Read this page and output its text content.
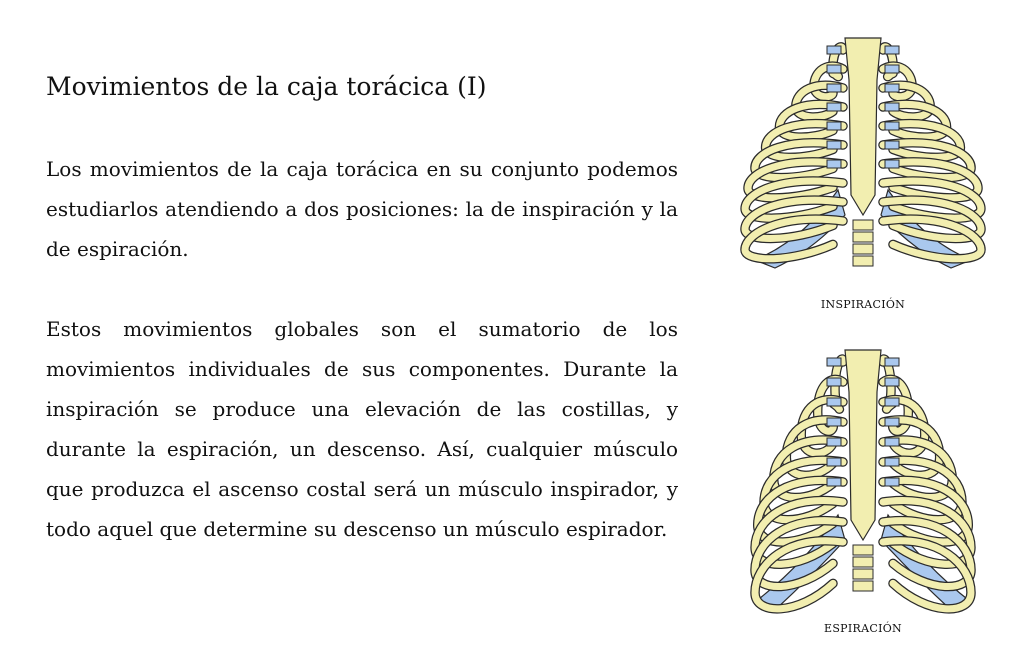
Movimientos de la caja torácica (I)

Los movimientos de la caja torácica en su conjunto podemos estudiarlos atendiendo a dos posiciones: la de inspiración y la de espiración.

Estos movimientos globales son el sumatorio de los movimientos individuales de sus componentes. Durante la inspiración se produce una elevación de las costillas, y durante la espiración, un descenso. Así, cualquier músculo que produzca el ascenso costal será un músculo inspirador, y todo aquel que determine su descenso un músculo espirador.

INSPIRACIÓN
ESPIRACIÓN
